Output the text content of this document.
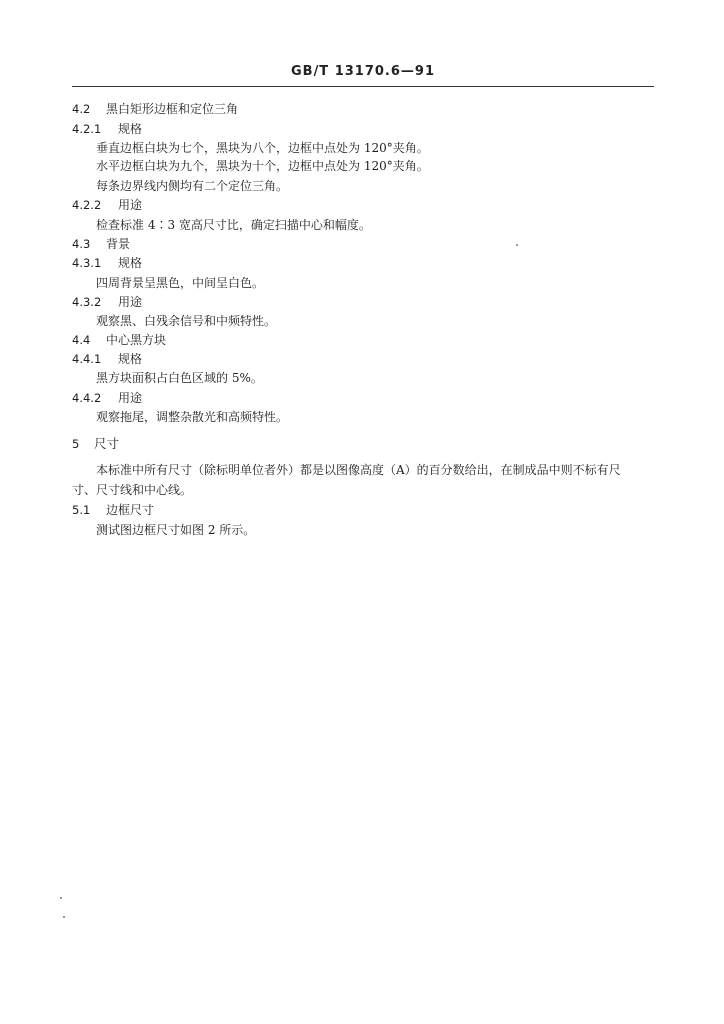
GB/T 13170.6—91
4.2 黑白矩形边框和定位三角
4.2.1 规格
垂直边框白块为七个，黑块为八个，边框中点处为 120°夹角。
水平边框白块为九个，黑块为十个，边框中点处为 120°夹角。
每条边界线内侧均有二个定位三角。
4.2.2 用途
检查标准 4∶3 宽高尺寸比，确定扫描中心和幅度。
4.3 背景
4.3.1 规格
四周背景呈黑色，中间呈白色。
4.3.2 用途
观察黑、白残余信号和中频特性。
4.4 中心黑方块
4.4.1 规格
黑方块面积占白色区域的 5%。
4.4.2 用途
观察拖尾，调整杂散光和高频特性。
5 尺寸
本标准中所有尺寸（除标明单位者外）都是以图像高度（A）的百分数给出，在制成品中则不标有尺
寸、尺寸线和中心线。
5.1 边框尺寸
测试图边框尺寸如图 2 所示。
